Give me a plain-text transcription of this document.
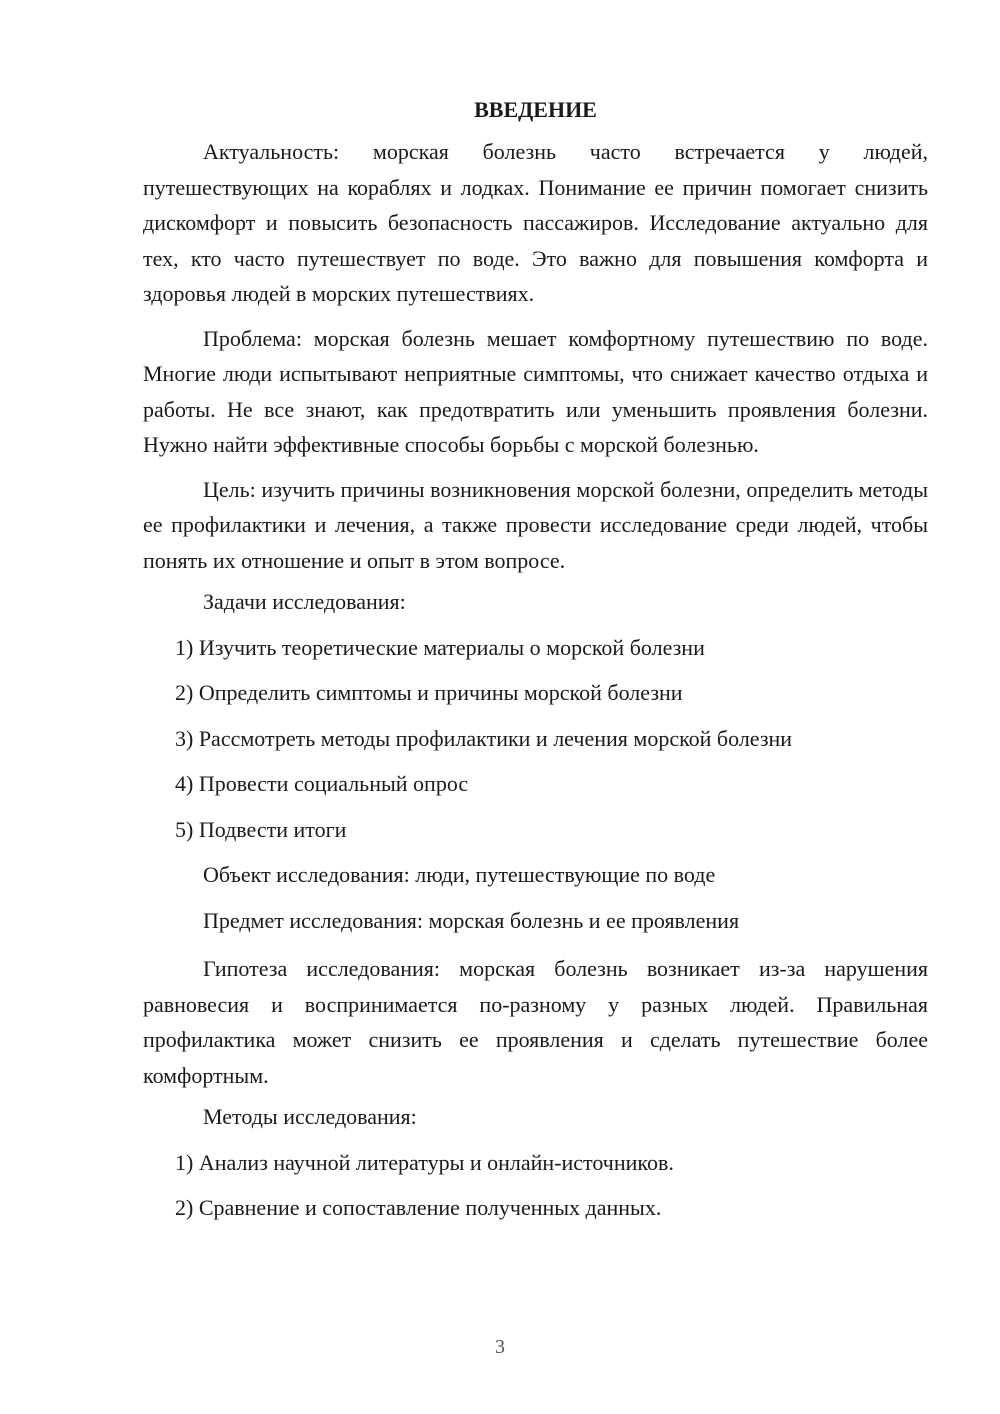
ВВЕДЕНИЕ

Актуальность: морская болезнь часто встречается у людей, путешествующих на кораблях и лодках. Понимание ее причин помогает снизить дискомфорт и повысить безопасность пассажиров. Исследование актуально для тех, кто часто путешествует по воде. Это важно для повышения комфорта и здоровья людей в морских путешествиях.

Проблема: морская болезнь мешает комфортному путешествию по воде. Многие люди испытывают неприятные симптомы, что снижает качество отдыха и работы. Не все знают, как предотвратить или уменьшить проявления болезни. Нужно найти эффективные способы борьбы с морской болезнью.

Цель: изучить причины возникновения морской болезни, определить методы ее профилактики и лечения, а также провести исследование среди людей, чтобы понять их отношение и опыт в этом вопросе.

Задачи исследования:
1) Изучить теоретические материалы о морской болезни
2) Определить симптомы и причины морской болезни
3) Рассмотреть методы профилактики и лечения морской болезни
4) Провести социальный опрос
5) Подвести итоги
Объект исследования: люди, путешествующие по воде
Предмет исследования: морская болезнь и ее проявления

Гипотеза исследования: морская болезнь возникает из-за нарушения равновесия и воспринимается по-разному у разных людей. Правильная профилактика может снизить ее проявления и сделать путешествие более комфортным.

Методы исследования:
1) Анализ научной литературы и онлайн-источников.
2) Сравнение и сопоставление полученных данных.
3
